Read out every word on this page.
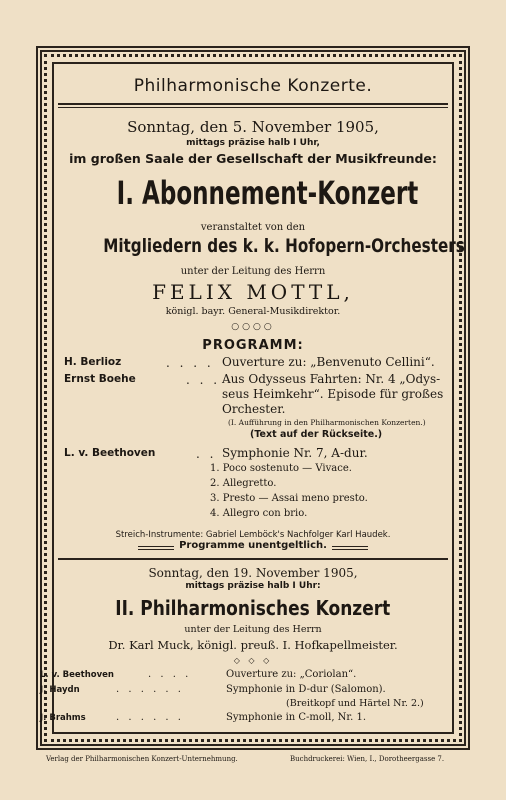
Philharmonische Konzerte.
Sonntag, den 5. November 1905,
mittags präzise halb I Uhr,
im großen Saale der Gesellschaft der Musikfreunde:
I. Abonnement-Konzert
veranstaltet von den
Mitgliedern des k. k. Hofopern-Orchesters
unter der Leitung des Herrn
FELIX MOTTL,
königl. bayr. General-Musikdirektor.
○○○○
PROGRAMM:
H. Berlioz	. . . . Ouverture zu: „Benvenuto Cellini“.
Ernst Boehe	. . . Aus Odysseus Fahrten: Nr. 4 „Odys-
seus Heimkehr“. Episode für großes
Orchester.
(I. Aufführung in den Philharmonischen Konzerten.)
(Text auf der Rückseite.)
L. v. Beethoven	. . Symphonie Nr. 7, A-dur.
1. Poco sostenuto — Vivace.
2. Allegretto.
3. Presto — Assai meno presto.
4. Allegro con brio.
Streich-Instrumente: Gabriel Lemböck's Nachfolger Karl Haudek.
Programme unentgeltlich.
Sonntag, den 19. November 1905,
mittags präzise halb I Uhr:
II. Philharmonisches Konzert
unter der Leitung des Herrn
Dr. Karl Muck, königl. preuß. I. Hofkapellmeister.
◇ ◇ ◇
L. v. Beethoven	. . . .	Ouverture zu: „Coriolan“.
J. Haydn	. . . . . .	Symphonie in D-dur (Salomon).
(Breitkopf und Härtel Nr. 2.)
J. Brahms	. . . . . .	Symphonie in C-moll, Nr. 1.
Verlag der Philharmonischen Konzert-Unternehmung.	Buchdruckerei: Wien, I., Dorotheergasse 7.
